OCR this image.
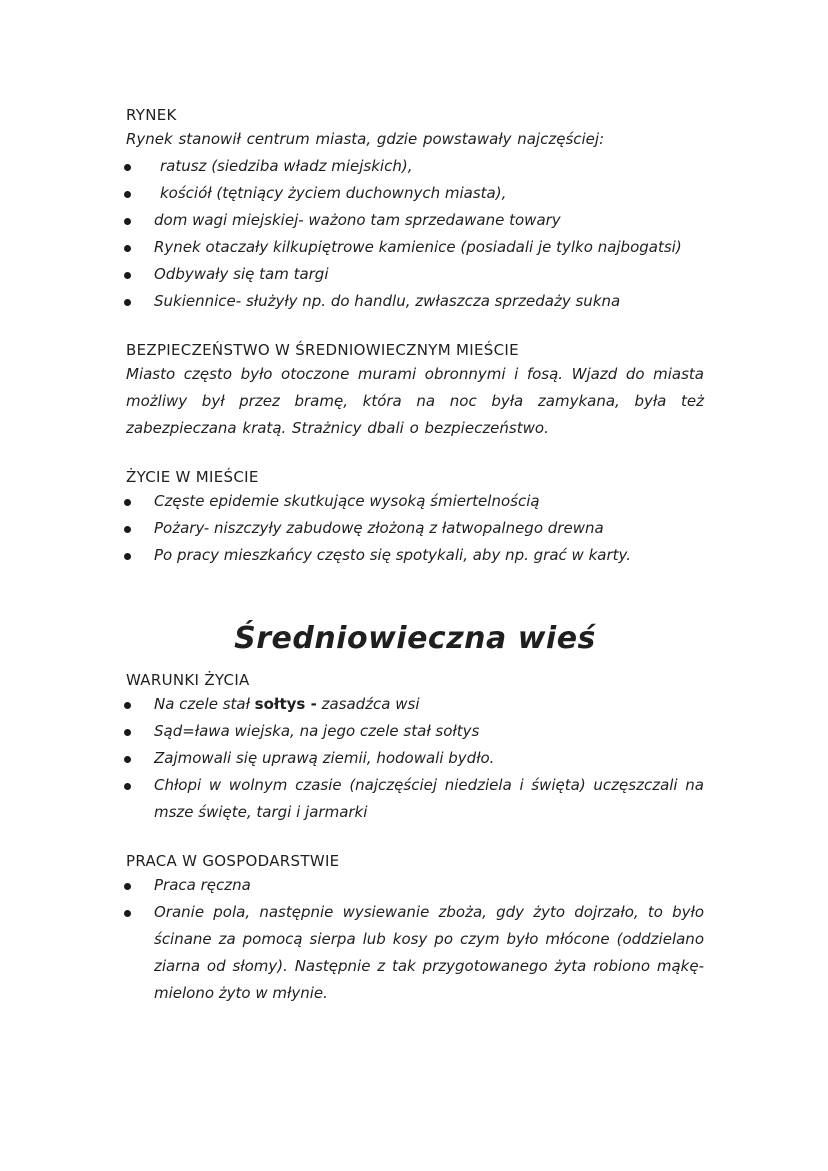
RYNEK

Rynek stanowił centrum miasta, gdzie powstawały najczęściej:

ratusz (siedziba władz miejskich),
kościół (tętniący życiem duchownych miasta),
dom wagi miejskiej- ważono tam sprzedawane towary
Rynek otaczały kilkupiętrowe kamienice (posiadali je tylko najbogatsi)
Odbywały się tam targi
Sukiennice- służyły np. do handlu, zwłaszcza sprzedaży sukna

BEZPIECZEŃSTWO W ŚREDNIOWIECZNYM MIEŚCIE

Miasto często było otoczone murami obronnymi i fosą. Wjazd do miasta możliwy był przez bramę, która na noc była zamykana, była też zabezpieczana kratą. Strażnicy dbali o bezpieczeństwo.

ŻYCIE W MIEŚCIE

Częste epidemie skutkujące wysoką śmiertelnością
Pożary- niszczyły zabudowę złożoną z łatwopalnego drewna
Po pracy mieszkańcy często się spotykali, aby np. grać w karty.
Średniowieczna wieś

WARUNKI ŻYCIA

Na czele stał sołtys - zasadźca wsi
Sąd=ława wiejska, na jego czele stał sołtys
Zajmowali się uprawą ziemii, hodowali bydło.
Chłopi w wolnym czasie (najczęściej niedziela i święta) uczęszczali na msze święte, targi i jarmarki

PRACA W GOSPODARSTWIE

Praca ręczna
Oranie pola, następnie wysiewanie zboża, gdy żyto dojrzało, to było ścinane za pomocą sierpa lub kosy po czym było młócone (oddzielano ziarna od słomy). Następnie z tak przygotowanego żyta robiono mąkę- mielono żyto w młynie.
